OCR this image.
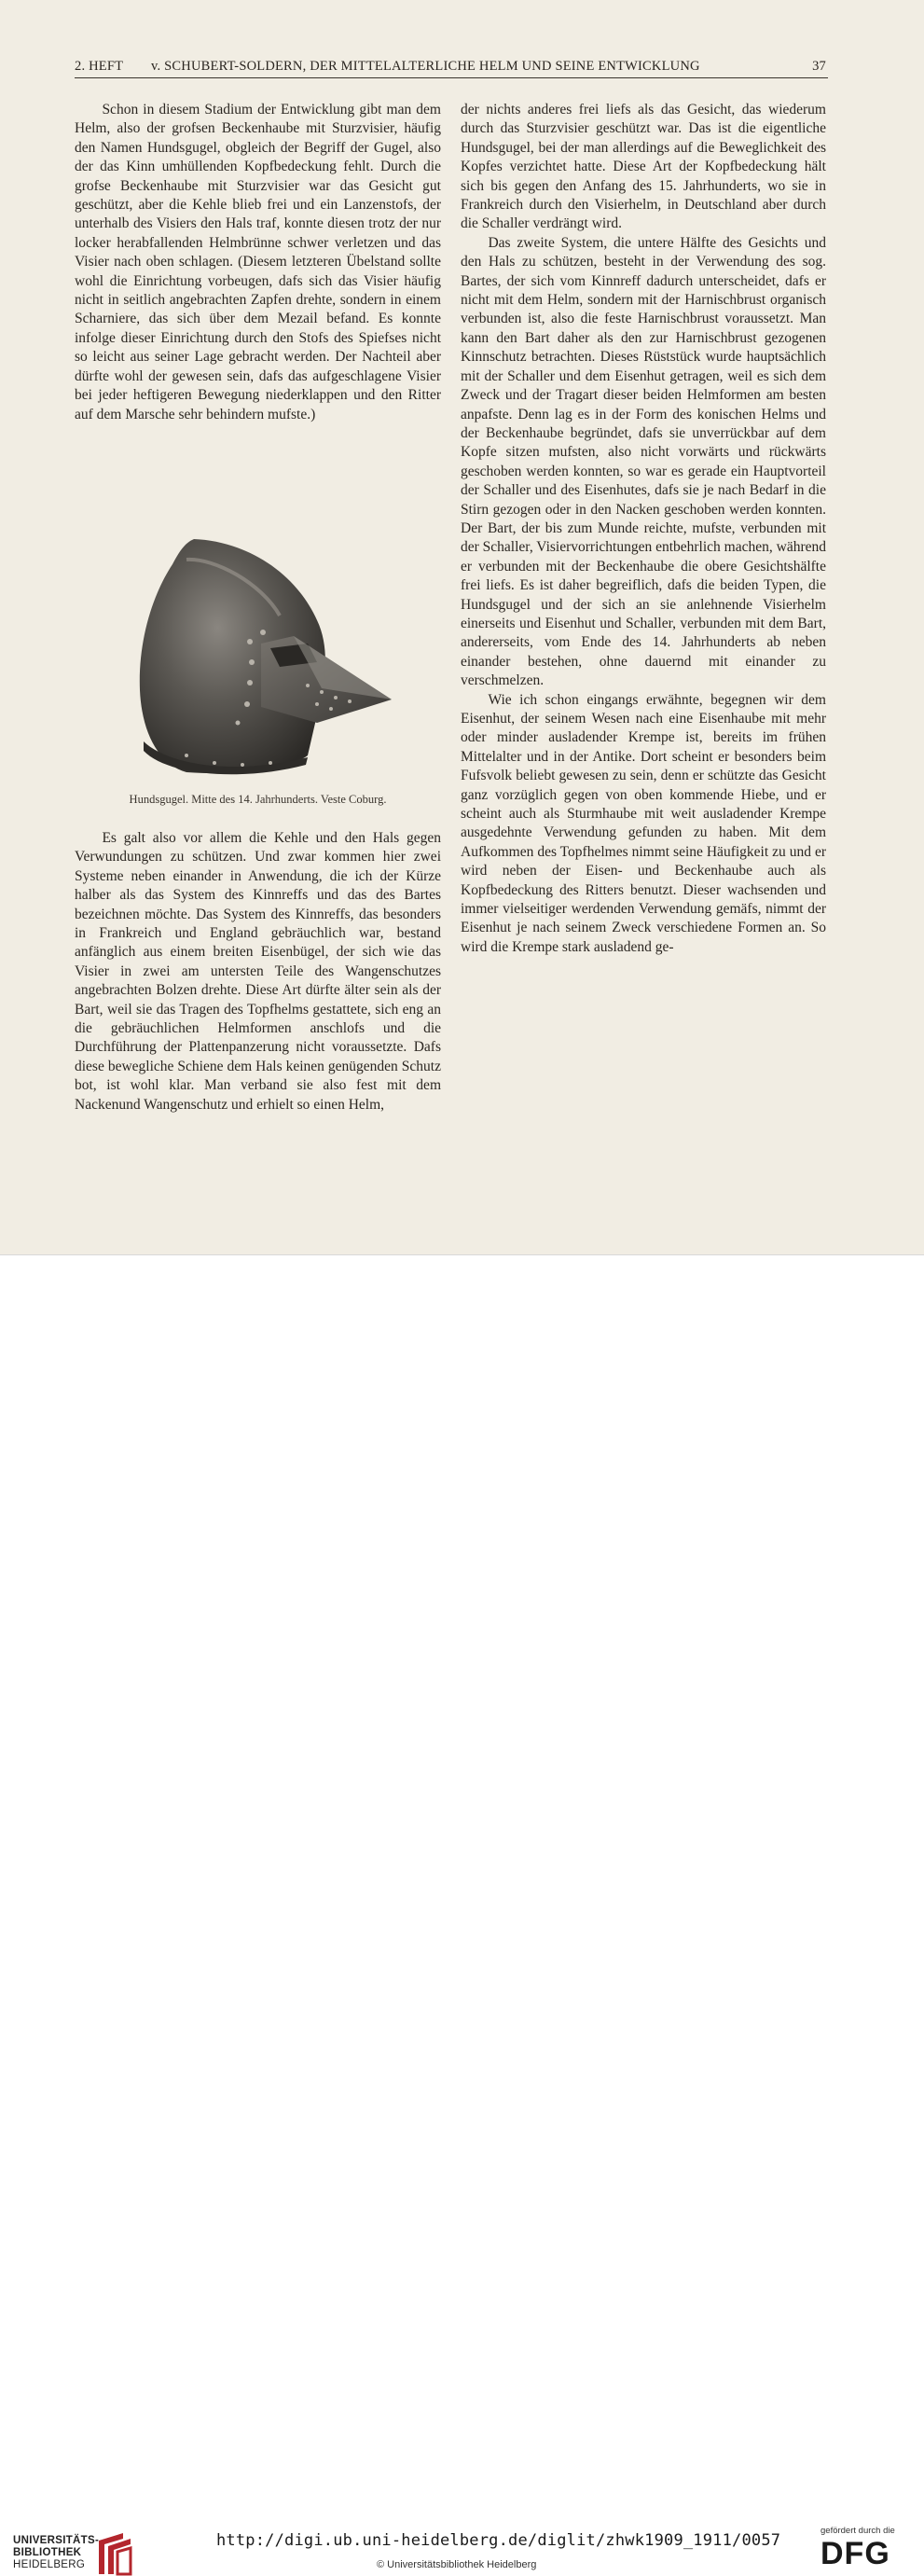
2. HEFT v. SCHUBERT-SOLDERN, DER MITTELALTERLICHE HELM UND SEINE ENTWICKLUNG	37

Schon in diesem Stadium der Entwicklung gibt man dem Helm, also der grofsen Beckenhaube mit Sturzvisier, häufig den Namen Hundsgugel, obgleich der Begriff der Gugel, also der das Kinn umhüllenden Kopfbedeckung fehlt. Durch die grofse Beckenhaube mit Sturzvisier war das Gesicht gut geschützt, aber die Kehle blieb frei und ein Lanzenstofs, der unterhalb des Visiers den Hals traf, konnte diesen trotz der nur locker herabfallenden Helmbrünne schwer verletzen und das Visier nach oben schlagen. (Diesem letzteren Übelstand sollte wohl die Einrichtung vorbeugen, dafs sich das Visier häufig nicht in seitlich angebrachten Zapfen drehte, sondern in einem Scharniere, das sich über dem Mezail befand. Es konnte infolge dieser Einrichtung durch den Stofs des Spiefses nicht so leicht aus seiner Lage gebracht werden. Der Nachteil aber dürfte wohl der gewesen sein, dafs das aufgeschlagene Visier bei jeder heftigeren Bewegung niederklappen und den Ritter auf dem Marsche sehr behindern mufste.)

Hundsgugel. Mitte des 14. Jahrhunderts. Veste Coburg.

Es galt also vor allem die Kehle und den Hals gegen Verwundungen zu schützen. Und zwar kommen hier zwei Systeme neben einander in Anwendung, die ich der Kürze halber als das System des Kinnreffs und das des Bartes bezeichnen möchte. Das System des Kinnreffs, das besonders in Frankreich und England gebräuchlich war, bestand anfänglich aus einem breiten Eisenbügel, der sich wie das Visier in zwei am untersten Teile des Wangenschutzes angebrachten Bolzen drehte. Diese Art dürfte älter sein als der Bart, weil sie das Tragen des Topfhelms gestattete, sich eng an die gebräuchlichen Helmformen anschlofs und die Durchführung der Plattenpanzerung nicht voraussetzte. Dafs diese bewegliche Schiene dem Hals keinen genügenden Schutz bot, ist wohl klar. Man verband sie also fest mit dem Nackenund Wangenschutz und erhielt so einen Helm,

der nichts anderes frei liefs als das Gesicht, das wiederum durch das Sturzvisier geschützt war. Das ist die eigentliche Hundsgugel, bei der man allerdings auf die Beweglichkeit des Kopfes verzichtet hatte. Diese Art der Kopfbedeckung hält sich bis gegen den Anfang des 15. Jahrhunderts, wo sie in Frankreich durch den Visierhelm, in Deutschland aber durch die Schaller verdrängt wird.

Das zweite System, die untere Hälfte des Gesichts und den Hals zu schützen, besteht in der Verwendung des sog. Bartes, der sich vom Kinnreff dadurch unterscheidet, dafs er nicht mit dem Helm, sondern mit der Harnischbrust organisch verbunden ist, also die feste Harnischbrust voraussetzt. Man kann den Bart daher als den zur Harnischbrust gezogenen Kinnschutz betrachten. Dieses Rüststück wurde hauptsächlich mit der Schaller und dem Eisenhut getragen, weil es sich dem Zweck und der Tragart dieser beiden Helmformen am besten anpafste. Denn lag es in der Form des konischen Helms und der Beckenhaube begründet, dafs sie unverrückbar auf dem Kopfe sitzen mufsten, also nicht vorwärts und rückwärts geschoben werden konnten, so war es gerade ein Hauptvorteil der Schaller und des Eisenhutes, dafs sie je nach Bedarf in die Stirn gezogen oder in den Nacken geschoben werden konnten. Der Bart, der bis zum Munde reichte, mufste, verbunden mit der Schaller, Visiervorrichtungen entbehrlich machen, während er verbunden mit der Beckenhaube die obere Gesichtshälfte frei liefs. Es ist daher begreiflich, dafs die beiden Typen, die Hundsgugel und der sich an sie anlehnende Visierhelm einerseits und Eisenhut und Schaller, verbunden mit dem Bart, andererseits, vom Ende des 14. Jahrhunderts ab neben einander bestehen, ohne dauernd mit einander zu verschmelzen.

Wie ich schon eingangs erwähnte, begegnen wir dem Eisenhut, der seinem Wesen nach eine Eisenhaube mit mehr oder minder ausladender Krempe ist, bereits im frühen Mittelalter und in der Antike. Dort scheint er besonders beim Fufsvolk beliebt gewesen zu sein, denn er schützte das Gesicht ganz vorzüglich gegen von oben kommende Hiebe, und er scheint auch als Sturmhaube mit weit ausladender Krempe ausgedehnte Verwendung gefunden zu haben. Mit dem Aufkommen des Topfhelmes nimmt seine Häufigkeit zu und er wird neben der Eisen- und Beckenhaube auch als Kopfbedeckung des Ritters benutzt. Dieser wachsenden und immer vielseitiger werdenden Verwendung gemäfs, nimmt der Eisenhut je nach seinem Zweck verschiedene Formen an. So wird die Krempe stark ausladend ge-

UNIVERSITÄTS-
BIBLIOTHEK
HEIDELBERG
http://digi.ub.uni-heidelberg.de/diglit/zhwk1909_1911/0057
© Universitätsbibliothek Heidelberg
gefördert durch die
DFG
